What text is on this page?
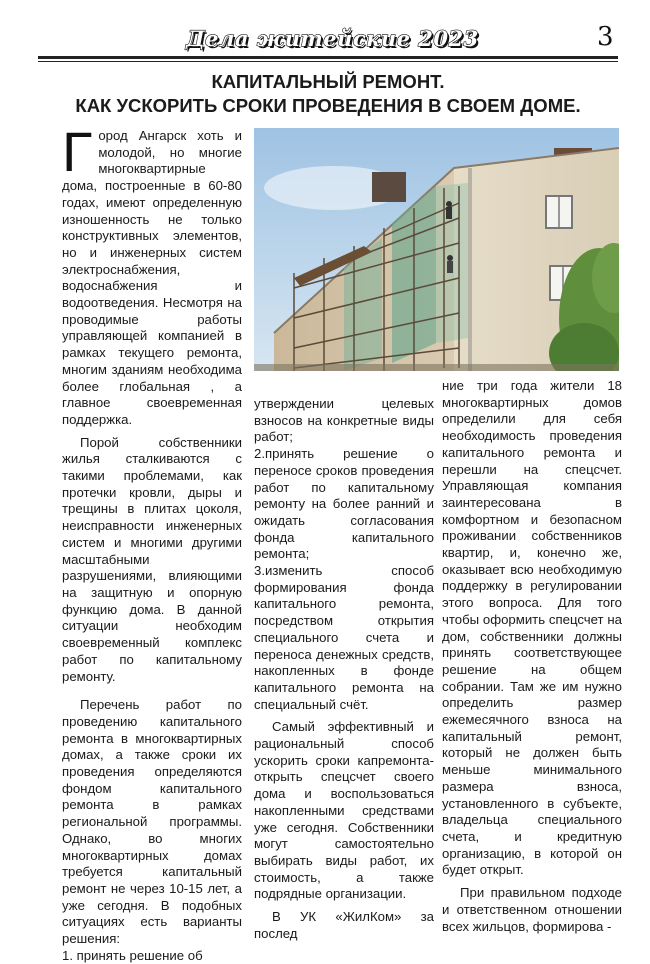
Дела житейские 2023	3
КАПИТАЛЬНЫЙ РЕМОНТ.
КАК УСКОРИТЬ СРОКИ ПРОВЕДЕНИЯ В СВОЕМ ДОМЕ.
Г ород Ангарск хоть и молодой, но многие многоквартирные дома, построенные в 60-80 годах, имеют определенную изношенность не только конструктивных элементов, но и инженерных систем электроснабжения, водоснабжения и водоотведения. Несмотря на проводимые работы управляющей компанией в рамках текущего ремонта, многим зданиям необходима более глобальная , а главное своевременная поддержка.

Порой собственники жилья сталкиваются с такими проблемами, как протечки кровли, дыры и трещины в плитах цоколя, неисправности инженерных систем и многими другими масштабными разрушениями, влияющими на защитную и опорную функцию дома. В данной ситуации необходим своевременный комплекс работ по капитальному ремонту.

Перечень работ по проведению капитального ремонта в многоквартирных домах, а также сроки их проведения определяются фондом капитального ремонта в рамках региональной программы. Однако, во многих многоквартирных домах требуется капитальный ремонт не через 10-15 лет, а уже сегодня. В подобных ситуациях есть варианты решения:

1. принять решение об

утверждении целевых взносов на конкретные виды работ;

2.принять решение о переносе сроков проведения работ по капитальному ремонту на более ранний и ожидать согласования фонда капитального ремонта;

3.изменить способ формирования фонда капитального ремонта, посредством открытия специального счета и переноса денежных средств, накопленных в фонде капитального ремонта на специальный счёт.

Самый эффективный и рациональный способ ускорить сроки капремонта- открыть спецсчет своего дома и воспользоваться накопленными средствами уже сегодня. Собственники могут самостоятельно выбирать виды работ, их стоимость, а также подрядные организации.

В УК «ЖилКом» за послед

ние три года жители 18 многоквартирных домов определили для себя необходимость проведения капитального ремонта и перешли на спецсчет. Управляющая компания заинтересована в комфортном и безопасном проживании собственников квартир, и, конечно же, оказывает всю необходимую поддержку в регулировании этого вопроса. Для того чтобы оформить спецсчет на дом, собственники должны принять соответствующее решение на общем собрании. Там же им нужно определить размер ежемесячного взноса на капитальный ремонт, который не должен быть меньше минимального размера взноса, установленного в субъекте, владельца специального счета, и кредитную организацию, в которой он будет открыт.

При правильном подходе и ответственном отношении всех жильцов, формирова -
